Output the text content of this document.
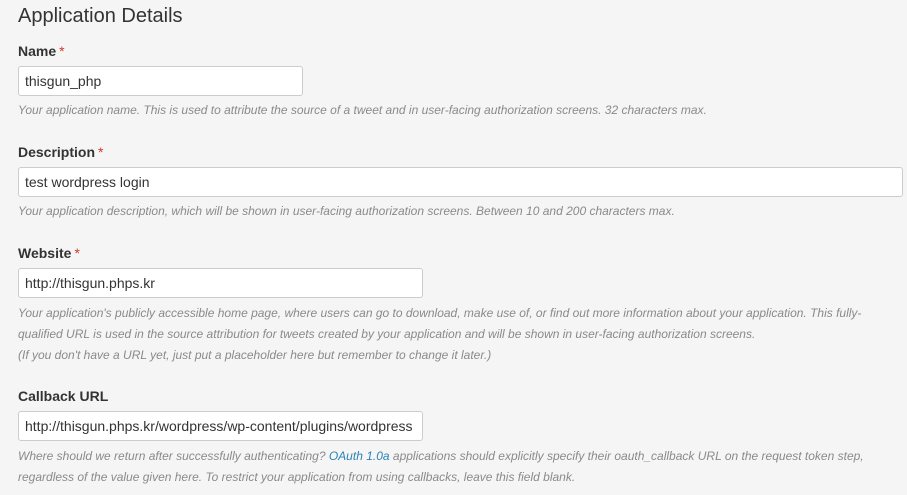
Application Details
Name *
thisgun_php
Your application name. This is used to attribute the source of a tweet and in user-facing authorization screens. 32 characters max.
Description *
test wordpress login
Your application description, which will be shown in user-facing authorization screens. Between 10 and 200 characters max.
Website *
http://thisgun.phps.kr
Your application's publicly accessible home page, where users can go to download, make use of, or find out more information about your application. This fully-qualified URL is used in the source attribution for tweets created by your application and will be shown in user-facing authorization screens.
(If you don't have a URL yet, just put a placeholder here but remember to change it later.)
Callback URL
http://thisgun.phps.kr/wordpress/wp-content/plugins/wordpress
Where should we return after successfully authenticating? OAuth 1.0a applications should explicitly specify their oauth_callback URL on the request token step, regardless of the value given here. To restrict your application from using callbacks, leave this field blank.
